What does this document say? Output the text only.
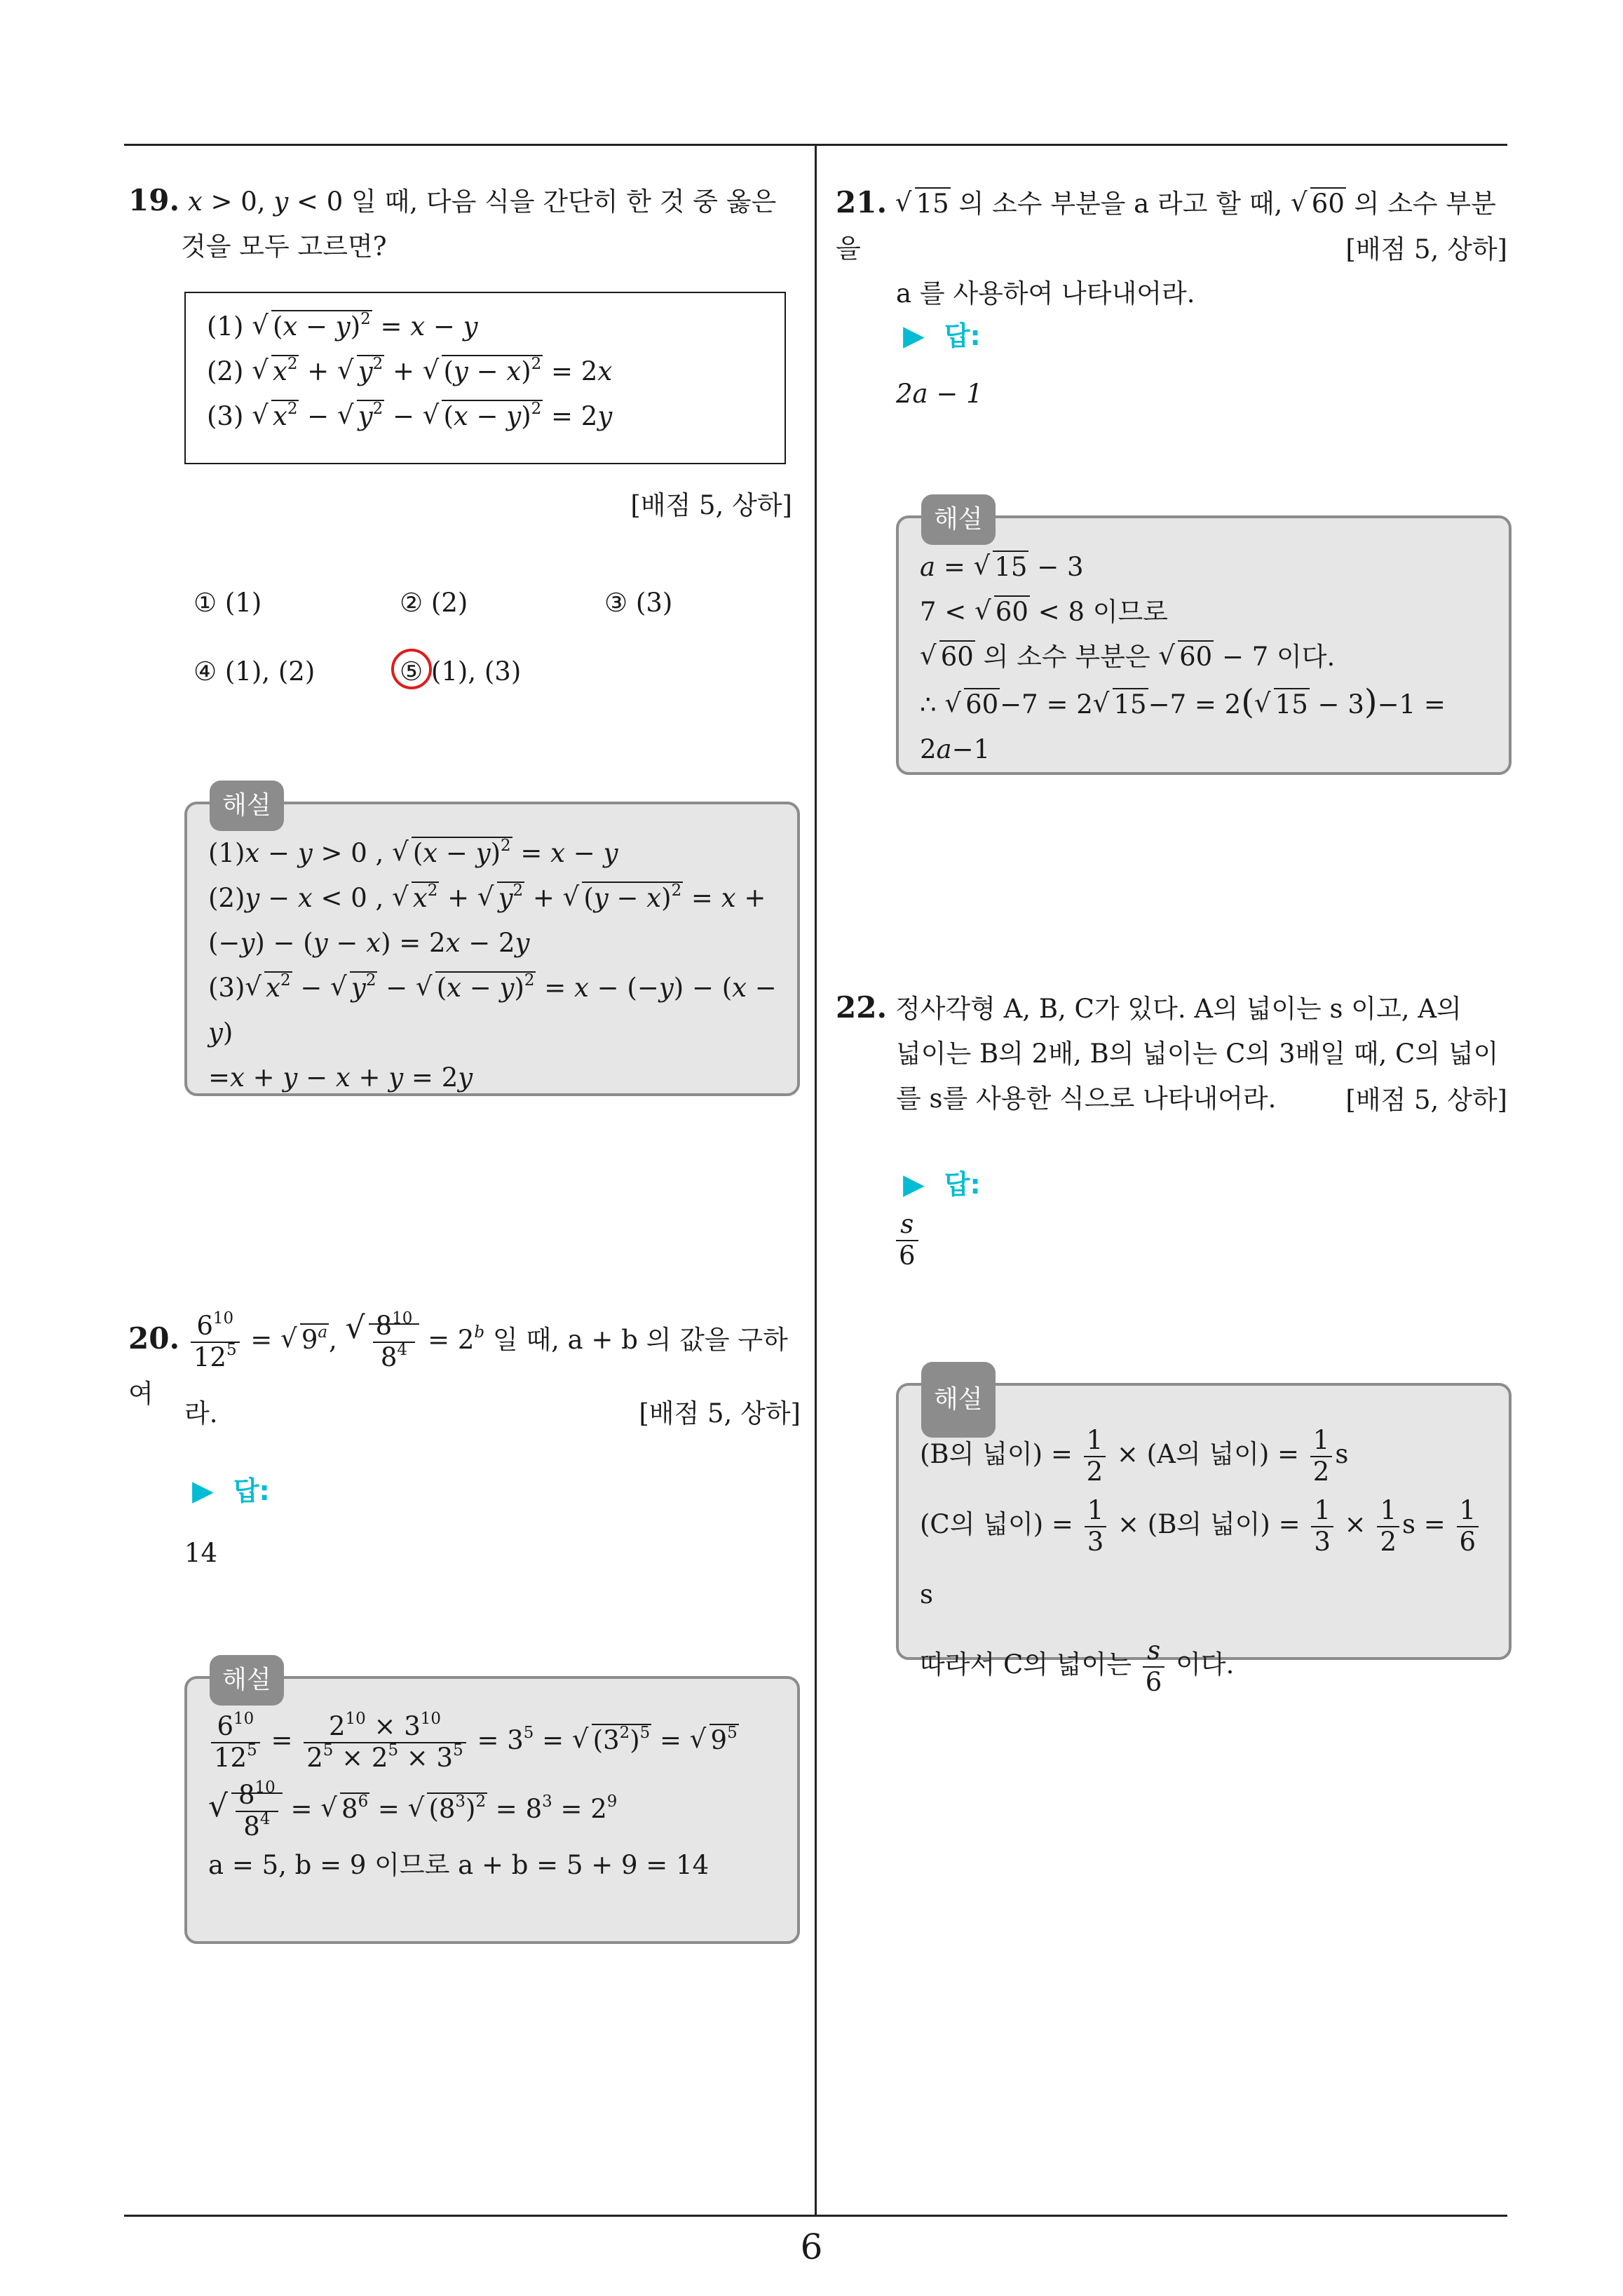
19. x > 0, y < 0 일 때, 다음 식을 간단히 한 것 중 옳은
것을 모두 고르면?
(1) √ $(x - y)^2 = x - y$
(2) √ $x^2$ + √ $y^2$ + √ $(y - x)^2 = 2x$
(3) √ $x^2$ − √ $y^2$ − √ $(x - y)^2 = 2y$
[배점 5, 상하]
① (1)	② (2)	③ (3)
④ (1), (2)	⑤ (1), (3)
해설
(1)x − y > 0 , √ $(x - y)^2 = x - y$
(2)y − x < 0 , √ $x^2$ + √ $y^2$ + √ $(y - x)^2 = x$ +
(−y) − (y − x) = 2x − 2y
(3) √ $x^2$ − √ $y^2$ − √ $(x - y)^2 = x - (-y) - (x - y)$
=x + y − x + y = 2y
20. $\frac{6^{10}}{12^5}$ = √ 9$^a$, √ $\frac{8^{10}}{8^4} = 2^b$ 일 때, a + b 의 값을 구하여
라.	[배점 5, 상하]
▶ 답:
14
해설
$\frac{6^{10}}{12^5} = \frac{2^{10} \times 3^{10}}{2^5 \times 2^5 \times 3^5} = 3^5$ = √ $(3^2)^5$ = √ $9^5$
√ $\frac{8^{10}}{8^4}$ = √ $8^6$ = √ $(8^3)^2 = 8^3 = 2^9$
a = 5, b = 9 이므로 a + b = 5 + 9 = 14
21. √ 15 의 소수 부분을 a 라고 할 때, √ 60 의 소수 부분을
a 를 사용하여 나타내어라.
[배점 5, 상하]
▶ 답:
2a − 1
해설
a = √ 15 − 3
7 < √ 60 < 8 이므로
√ 60 의 소수 부분은 √ 60 − 7 이다.
∴ √ 60−7 = 2 √ 15−7 = 2( √ 15 − 3)−1 = 2a−1
22. 정사각형 A, B, C가 있다. A의 넓이는 s 이고, A의
넓이는 B의 2배, B의 넓이는 C의 3배일 때, C의 넓이
를 s를 사용한 식으로 나타내어라.	[배점 5, 상하]
▶ 답:
$\frac{s}{6}$
해설
(B의 넓이) = $\frac{1}{2} \times (A$의 넓이) = $\frac{1}{2}$ s
(C의 넓이) = $\frac{1}{3} \times (B$의 넓이) = $\frac{1}{3} \times \frac{1}{2}$ $s = \frac{1}{6}$
s
따라서 C의 넓이는 $\frac{s}{6}$ 이다.
6
